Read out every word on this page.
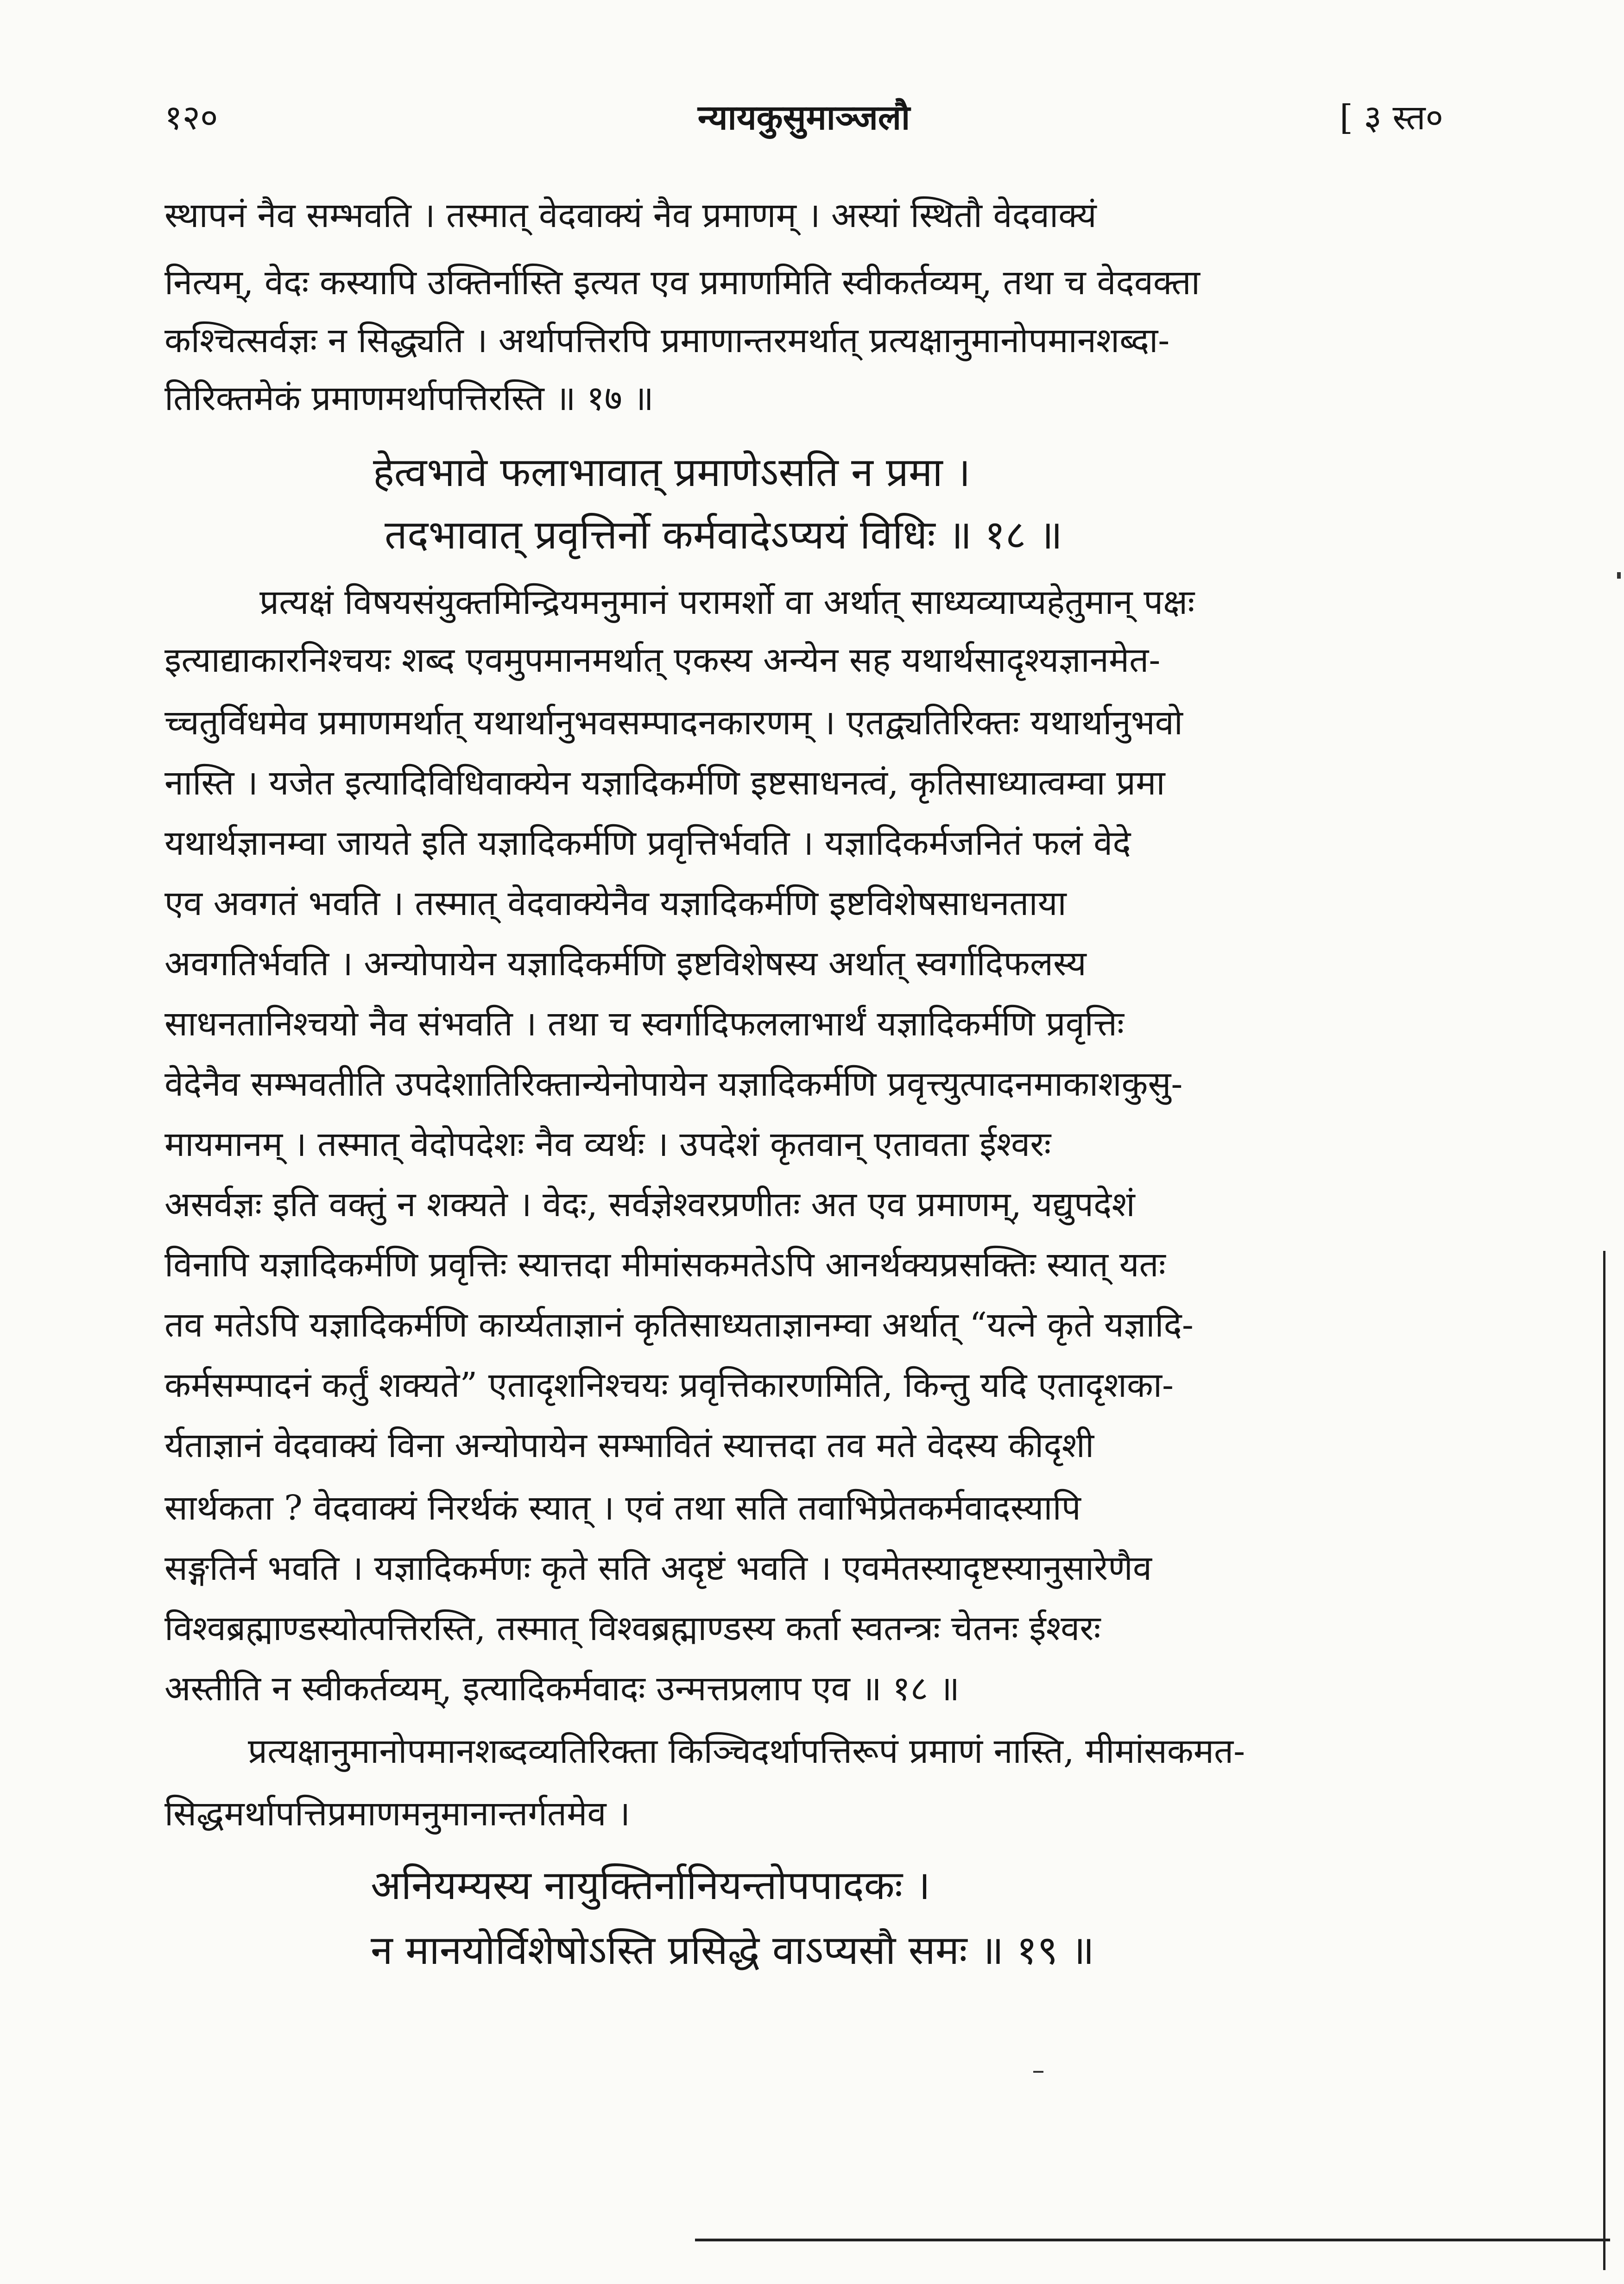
१२०	न्यायकुसुमाञ्जलौ	[ ३ स्त०
स्थापनं नैव सम्भवति । तस्मात् वेदवाक्यं नैव प्रमाणम् । अस्यां स्थितौ वेदवाक्यं
नित्यम्, वेदः कस्यापि उक्तिर्नास्ति इत्यत एव प्रमाणमिति स्वीकर्तव्यम्, तथा च वेदवक्ता
कश्चित्सर्वज्ञः न सिद्ध्यति । अर्थापत्तिरपि प्रमाणान्तरमर्थात् प्रत्यक्षानुमानोपमानशब्दा-
तिरिक्तमेकं प्रमाणमर्थापत्तिरस्ति ॥ १७ ॥
हेत्वभावे फलाभावात् प्रमाणेऽसति न प्रमा ।
तदभावात् प्रवृत्तिर्नो कर्मवादेऽप्ययं विधिः ॥ १८ ॥
प्रत्यक्षं विषयसंयुक्तमिन्द्रियमनुमानं परामर्शो वा अर्थात् साध्यव्याप्यहेतुमान् पक्षः
इत्याद्याकारनिश्चयः शब्द एवमुपमानमर्थात् एकस्य अन्येन सह यथार्थसादृश्यज्ञानमेत-
च्चतुर्विधमेव प्रमाणमर्थात् यथार्थानुभवसम्पादनकारणम् । एतद्व्यतिरिक्तः यथार्थानुभवो
नास्ति । यजेत इत्यादिविधिवाक्येन यज्ञादिकर्मणि इष्टसाधनत्वं, कृतिसाध्यात्वम्वा प्रमा
यथार्थज्ञानम्वा जायते इति यज्ञादिकर्मणि प्रवृत्तिर्भवति । यज्ञादिकर्मजनितं फलं वेदे
एव अवगतं भवति । तस्मात् वेदवाक्येनैव यज्ञादिकर्मणि इष्टविशेषसाधनताया
अवगतिर्भवति । अन्योपायेन यज्ञादिकर्मणि इष्टविशेषस्य अर्थात् स्वर्गादिफलस्य
साधनतानिश्चयो नैव संभवति । तथा च स्वर्गादिफललाभार्थं यज्ञादिकर्मणि प्रवृत्तिः
वेदेनैव सम्भवतीति उपदेशातिरिक्तान्येनोपायेन यज्ञादिकर्मणि प्रवृत्त्युत्पादनमाकाशकुसु-
मायमानम् । तस्मात् वेदोपदेशः नैव व्यर्थः । उपदेशं कृतवान् एतावता ईश्वरः
असर्वज्ञः इति वक्तुं न शक्यते । वेदः, सर्वज्ञेश्वरप्रणीतः अत एव प्रमाणम्, यद्युपदेशं
विनापि यज्ञादिकर्मणि प्रवृत्तिः स्यात्तदा मीमांसकमतेऽपि आनर्थक्यप्रसक्तिः स्यात् यतः
तव मतेऽपि यज्ञादिकर्मणि कार्य्यताज्ञानं कृतिसाध्यताज्ञानम्वा अर्थात् “यत्ने कृते यज्ञादि-
कर्मसम्पादनं कर्तुं शक्यते” एतादृशनिश्चयः प्रवृत्तिकारणमिति, किन्तु यदि एतादृशका-
र्यताज्ञानं वेदवाक्यं विना अन्योपायेन सम्भावितं स्यात्तदा तव मते वेदस्य कीदृशी
सार्थकता ? वेदवाक्यं निरर्थकं स्यात् । एवं तथा सति तवाभिप्रेतकर्मवादस्यापि
सङ्गतिर्न भवति । यज्ञादिकर्मणः कृते सति अदृष्टं भवति । एवमेतस्यादृष्टस्यानुसारेणैव
विश्वब्रह्माण्डस्योत्पत्तिरस्ति, तस्मात् विश्वब्रह्माण्डस्य कर्ता स्वतन्त्रः चेतनः ईश्वरः
अस्तीति न स्वीकर्तव्यम्, इत्यादिकर्मवादः उन्मत्तप्रलाप एव ॥ १८ ॥
प्रत्यक्षानुमानोपमानशब्दव्यतिरिक्ता किञ्चिदर्थापत्तिरूपं प्रमाणं नास्ति, मीमांसकमत-
सिद्धमर्थापत्तिप्रमाणमनुमानान्तर्गतमेव ।
अनियम्यस्य नायुक्तिर्नानियन्तोपपादकः ।
न मानयोर्विशेषोऽस्ति प्रसिद्धे वाऽप्यसौ समः ॥ १९ ॥
